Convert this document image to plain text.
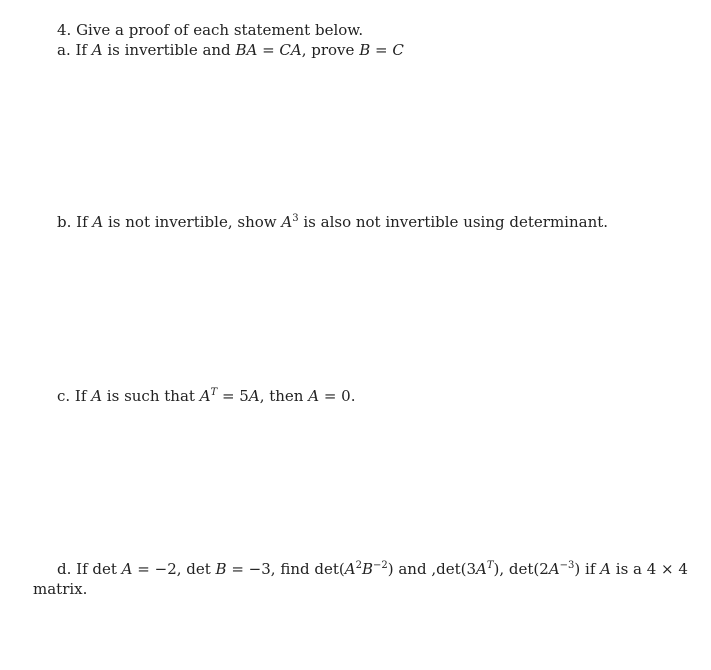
4. Give a proof of each statement below.
a. If A is invertible and BA = CA, prove B = C
b. If A is not invertible, show $A^3$ is also not invertible using determinant.
c. If A is such that $A^T = 5A$, then A = 0.
d. If det A = −2, det B = −3, find $\det(A^2B^{-2})$ and $,\det(3A^T)$, $\det(2A^{-3})$ if A is a 4 × 4
matrix.
